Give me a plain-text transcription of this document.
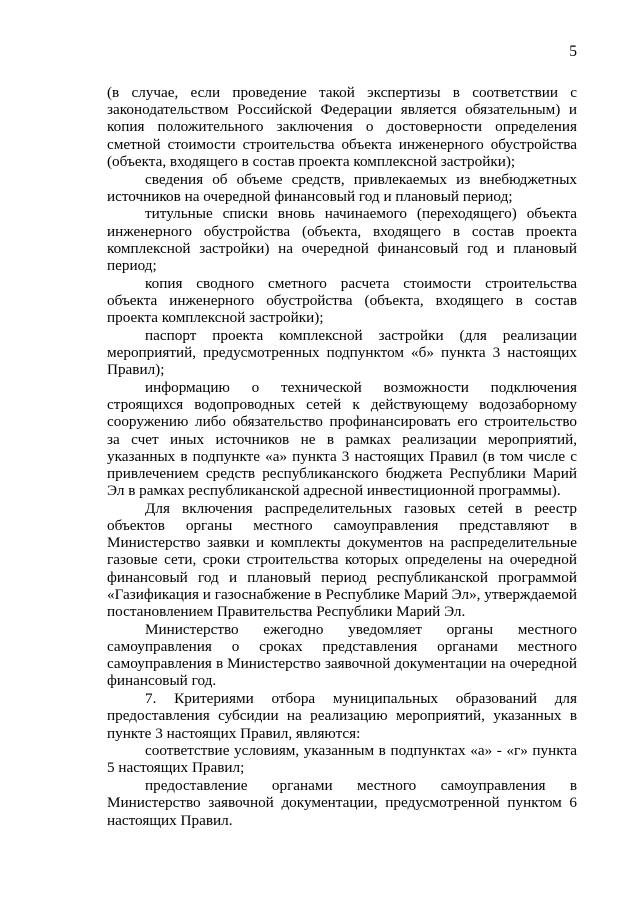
5

(в случае, если проведение такой экспертизы в соответствии с законодательством Российской Федерации является обязательным) и копия положительного заключения о достоверности определения сметной стоимости строительства объекта инженерного обустройства (объекта, входящего в состав проекта комплексной застройки);

сведения об объеме средств, привлекаемых из внебюджетных источников на очередной финансовый год и плановый период;

титульные списки вновь начинаемого (переходящего) объекта инженерного обустройства (объекта, входящего в состав проекта комплексной застройки) на очередной финансовый год и плановый период;

копия сводного сметного расчета стоимости строительства объекта инженерного обустройства (объекта, входящего в состав проекта комплексной застройки);

паспорт проекта комплексной застройки (для реализации мероприятий, предусмотренных подпунктом «б» пункта 3 настоящих Правил);

информацию о технической возможности подключения строящихся водопроводных сетей к действующему водозаборному сооружению либо обязательство профинансировать его строительство за счет иных источников не в рамках реализации мероприятий, указанных в подпункте «а» пункта 3 настоящих Правил (в том числе с привлечением средств республиканского бюджета Республики Марий Эл в рамках республиканской адресной инвестиционной программы).

Для включения распределительных газовых сетей в реестр объектов органы местного самоуправления представляют в Министерство заявки и комплекты документов на распределительные газовые сети, сроки строительства которых определены на очередной финансовый год и плановый период республиканской программой «Газификация и газоснабжение в Республике Марий Эл», утверждаемой постановлением Правительства Республики Марий Эл.

Министерство ежегодно уведомляет органы местного самоуправления о сроках представления органами местного самоуправления в Министерство заявочной документации на очередной финансовый год.

7. Критериями отбора муниципальных образований для предоставления субсидии на реализацию мероприятий, указанных в пункте 3 настоящих Правил, являются:

соответствие условиям, указанным в подпунктах «а» - «г» пункта 5 настоящих Правил;

предоставление органами местного самоуправления в Министерство заявочной документации, предусмотренной пунктом 6 настоящих Правил.
